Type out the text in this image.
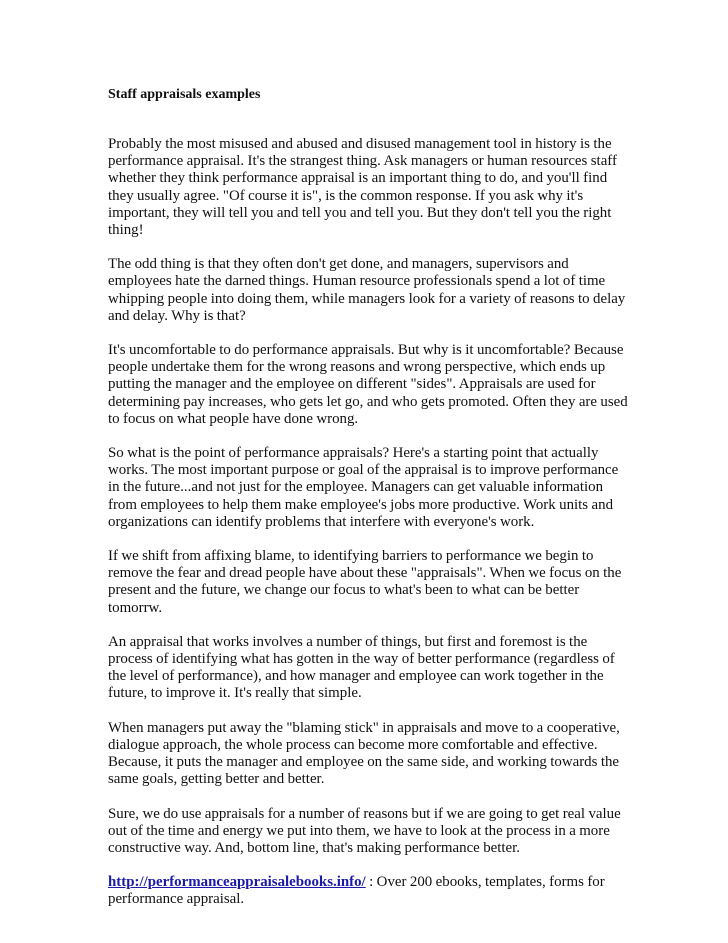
Staff appraisals examples

Probably the most misused and abused and disused management tool in history is the performance appraisal. It's the strangest thing. Ask managers or human resources staff whether they think performance appraisal is an important thing to do, and you'll find they usually agree. "Of course it is", is the common response. If you ask why it's important, they will tell you and tell you and tell you. But they don't tell you the right thing!

The odd thing is that they often don't get done, and managers, supervisors and employees hate the darned things. Human resource professionals spend a lot of time whipping people into doing them, while managers look for a variety of reasons to delay and delay. Why is that?

It's uncomfortable to do performance appraisals. But why is it uncomfortable? Because people undertake them for the wrong reasons and wrong perspective, which ends up putting the manager and the employee on different "sides". Appraisals are used for determining pay increases, who gets let go, and who gets promoted. Often they are used to focus on what people have done wrong.

So what is the point of performance appraisals? Here's a starting point that actually works. The most important purpose or goal of the appraisal is to improve performance in the future...and not just for the employee. Managers can get valuable information from employees to help them make employee's jobs more productive. Work units and organizations can identify problems that interfere with everyone's work.

If we shift from affixing blame, to identifying barriers to performance we begin to remove the fear and dread people have about these "appraisals". When we focus on the present and the future, we change our focus to what's been to what can be better tomorrw.

An appraisal that works involves a number of things, but first and foremost is the process of identifying what has gotten in the way of better performance (regardless of the level of performance), and how manager and employee can work together in the future, to improve it. It's really that simple.

When managers put away the "blaming stick" in appraisals and move to a cooperative, dialogue approach, the whole process can become more comfortable and effective. Because, it puts the manager and employee on the same side, and working towards the same goals, getting better and better.

Sure, we do use appraisals for a number of reasons but if we are going to get real value out of the time and energy we put into them, we have to look at the process in a more constructive way. And, bottom line, that's making performance better.

http://performanceappraisalebooks.info/ : Over 200 ebooks, templates, forms for performance appraisal.
